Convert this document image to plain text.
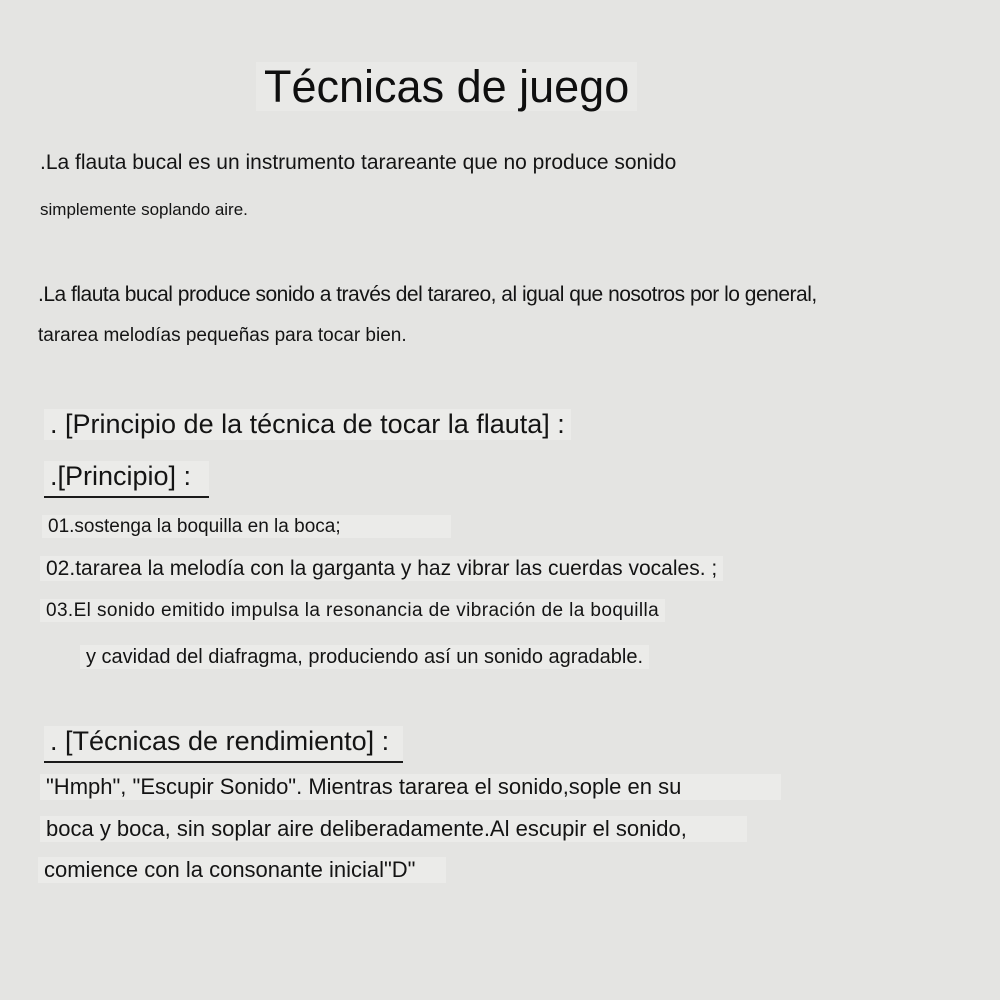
Técnicas de juego

.La flauta bucal es un instrumento tarareante que no produce sonido

simplemente soplando aire.

.La flauta bucal produce sonido a través del tarareo, al igual que nosotros por lo general,

tararea melodías pequeñas para tocar bien.

. [Principio de la técnica de tocar la flauta] :
.[Principio] :

01.sostenga la boquilla en la boca;

02.tararea la melodía con la garganta y haz vibrar las cuerdas vocales. ;

03.El sonido emitido impulsa la resonancia de vibración de la boquilla

y cavidad del diafragma, produciendo así un sonido agradable.

. [Técnicas de rendimiento] :

"Hmph", "Escupir Sonido". Mientras tararea el sonido,sople en su

boca y boca, sin soplar aire deliberadamente.Al escupir el sonido,

comience con la consonante inicial"D"
